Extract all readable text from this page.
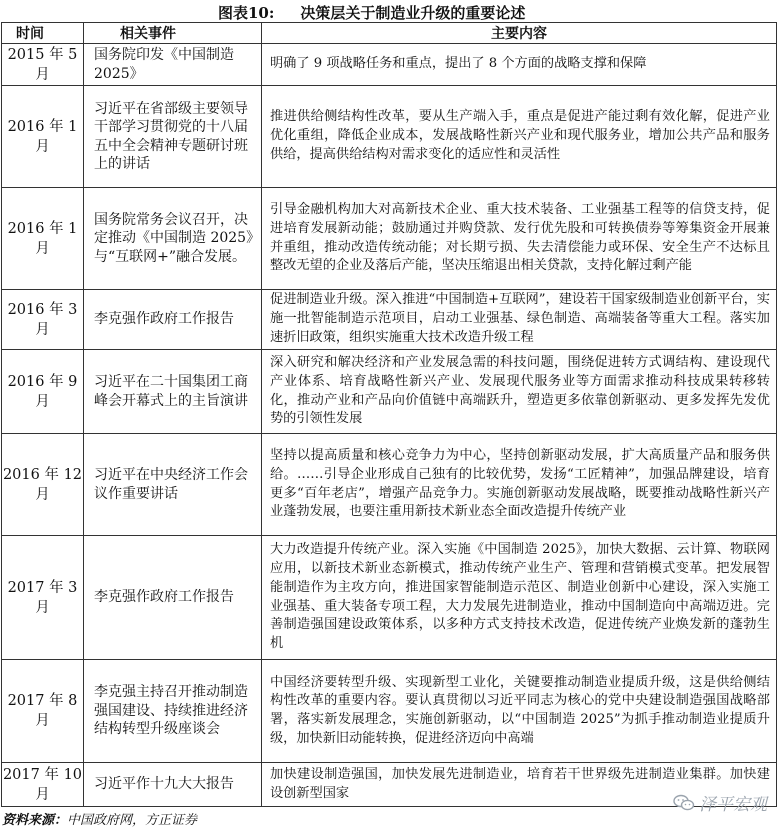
图表10: 决策层关于制造业升级的重要论述
时间	相关事件	主要内容
2015 年 5 月	国务院印发《中国制造 2025》	明确了 9 项战略任务和重点，提出了 8 个方面的战略支撑和保障
2016 年 1 月	习近平在省部级主要领导干部学习贯彻党的十八届五中全会精神专题研讨班上的讲话	推进供给侧结构性改革，要从生产端入手，重点是促进产能过剩有效化解，促进产业优化重组，降低企业成本，发展战略性新兴产业和现代服务业，增加公共产品和服务供给，提高供给结构对需求变化的适应性和灵活性
2016 年 1 月	国务院常务会议召开，决定推动《中国制造 2025》与“互联网+”融合发展。	引导金融机构加大对高新技术企业、重大技术装备、工业强基工程等的信贷支持，促进培育发展新动能；鼓励通过并购贷款、发行优先股和可转换债券等筹集资金开展兼并重组，推动改造传统动能；对长期亏损、失去清偿能力或环保、安全生产不达标且整改无望的企业及落后产能，坚决压缩退出相关贷款，支持化解过剩产能
2016 年 3 月	李克强作政府工作报告	促进制造业升级。深入推进“中国制造+互联网”，建设若干国家级制造业创新平台，实施一批智能制造示范项目，启动工业强基、绿色制造、高端装备等重大工程。落实加速折旧政策，组织实施重大技术改造升级工程
2016 年 9 月	习近平在二十国集团工商峰会开幕式上的主旨演讲	深入研究和解决经济和产业发展急需的科技问题，围绕促进转方式调结构、建设现代产业体系、培育战略性新兴产业、发展现代服务业等方面需求推动科技成果转移转化，推动产业和产品向价值链中高端跃升，塑造更多依靠创新驱动、更多发挥先发优势的引领性发展
2016 年 12 月	习近平在中央经济工作会议作重要讲话	坚持以提高质量和核心竞争力为中心，坚持创新驱动发展，扩大高质量产品和服务供给。……引导企业形成自己独有的比较优势，发扬“工匠精神”，加强品牌建设，培育更多“百年老店”，增强产品竞争力。实施创新驱动发展战略，既要推动战略性新兴产业蓬勃发展，也要注重用新技术新业态全面改造提升传统产业
2017 年 3 月	李克强作政府工作报告	大力改造提升传统产业。深入实施《中国制造 2025》，加快大数据、云计算、物联网应用，以新技术新业态新模式，推动传统产业生产、管理和营销模式变革。把发展智能制造作为主攻方向，推进国家智能制造示范区、制造业创新中心建设，深入实施工业强基、重大装备专项工程，大力发展先进制造业，推动中国制造向中高端迈进。完善制造强国建设政策体系，以多种方式支持技术改造，促进传统产业焕发新的蓬勃生机
2017 年 8 月	李克强主持召开推动制造强国建设、持续推进经济结构转型升级座谈会	中国经济要转型升级、实现新型工业化，关键要推动制造业提质升级，这是供给侧结构性改革的重要内容。要认真贯彻以习近平同志为核心的党中央建设制造强国战略部署，落实新发展理念，实施创新驱动，以“中国制造 2025”为抓手推动制造业提质升级，加快新旧动能转换，促进经济迈向中高端
2017 年 10 月	习近平作十九大大报告	加快建设制造强国，加快发展先进制造业，培育若干世界级先进制造业集群。加快建设创新型国家
资料来源：中国政府网，方正证券
泽平宏观
